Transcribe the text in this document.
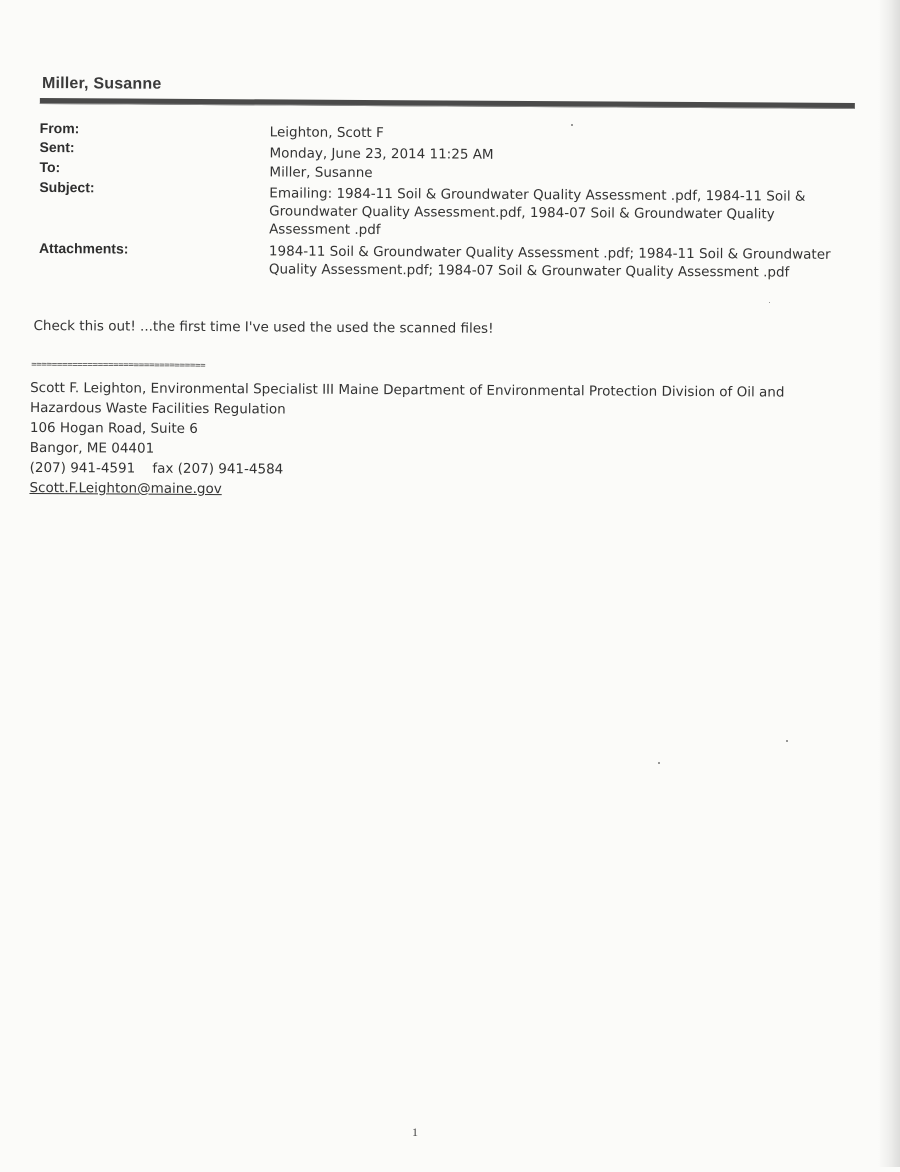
Miller, Susanne
From:	Leighton, Scott F
Sent:	Monday, June 23, 2014 11:25 AM
To:	Miller, Susanne
Subject:	Emailing: 1984-11 Soil & Groundwater Quality Assessment .pdf, 1984-11 Soil & Groundwater Quality Assessment.pdf, 1984-07 Soil & Groundwater Quality Assessment .pdf
Attachments:	1984-11 Soil & Groundwater Quality Assessment .pdf; 1984-11 Soil & Groundwater Quality Assessment.pdf; 1984-07 Soil & Grounwater Quality Assessment .pdf
Check this out! ...the first time I've used the used the scanned files!
==================================
Scott F. Leighton, Environmental Specialist III Maine Department of Environmental Protection Division of Oil and Hazardous Waste Facilities Regulation
106 Hogan Road, Suite 6
Bangor, ME 04401
(207) 941-4591    fax (207) 941-4584
Scott.F.Leighton@maine.gov
1
